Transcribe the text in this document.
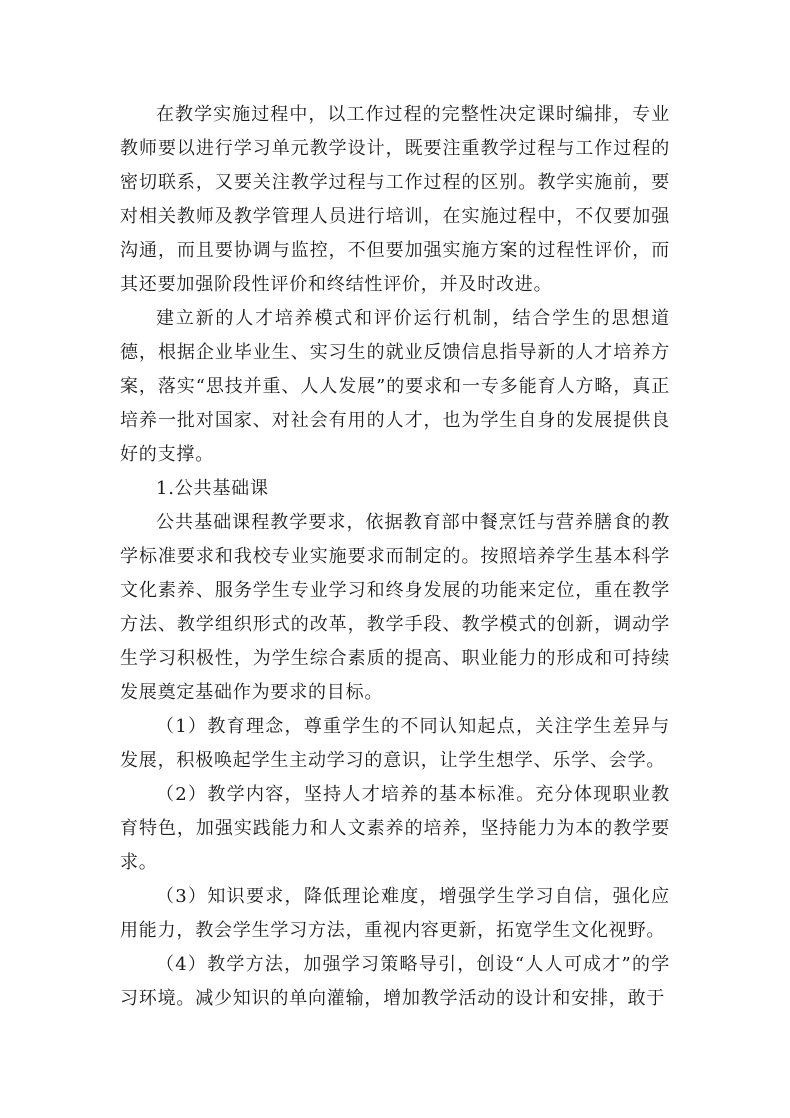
在教学实施过程中，以工作过程的完整性决定课时编排，专业教师要以进行学习单元教学设计，既要注重教学过程与工作过程的密切联系，又要关注教学过程与工作过程的区别。教学实施前，要对相关教师及教学管理人员进行培训，在实施过程中，不仅要加强沟通，而且要协调与监控，不但要加强实施方案的过程性评价，而其还要加强阶段性评价和终结性评价，并及时改进。

建立新的人才培养模式和评价运行机制，结合学生的思想道德，根据企业毕业生、实习生的就业反馈信息指导新的人才培养方案，落实“思技并重、人人发展”的要求和一专多能育人方略，真正培养一批对国家、对社会有用的人才，也为学生自身的发展提供良好的支撑。

1.公共基础课

公共基础课程教学要求，依据教育部中餐烹饪与营养膳食的教学标准要求和我校专业实施要求而制定的。按照培养学生基本科学文化素养、服务学生专业学习和终身发展的功能来定位，重在教学方法、教学组织形式的改革，教学手段、教学模式的创新，调动学生学习积极性，为学生综合素质的提高、职业能力的形成和可持续发展奠定基础作为要求的目标。

（1）教育理念，尊重学生的不同认知起点，关注学生差异与发展，积极唤起学生主动学习的意识，让学生想学、乐学、会学。

（2）教学内容，坚持人才培养的基本标准。充分体现职业教育特色，加强实践能力和人文素养的培养，坚持能力为本的教学要求。

（3）知识要求，降低理论难度，增强学生学习自信，强化应用能力，教会学生学习方法，重视内容更新，拓宽学生文化视野。

（4）教学方法，加强学习策略导引，创设“人人可成才”的学习环境。减少知识的单向灌输，增加教学活动的设计和安排，敢于
